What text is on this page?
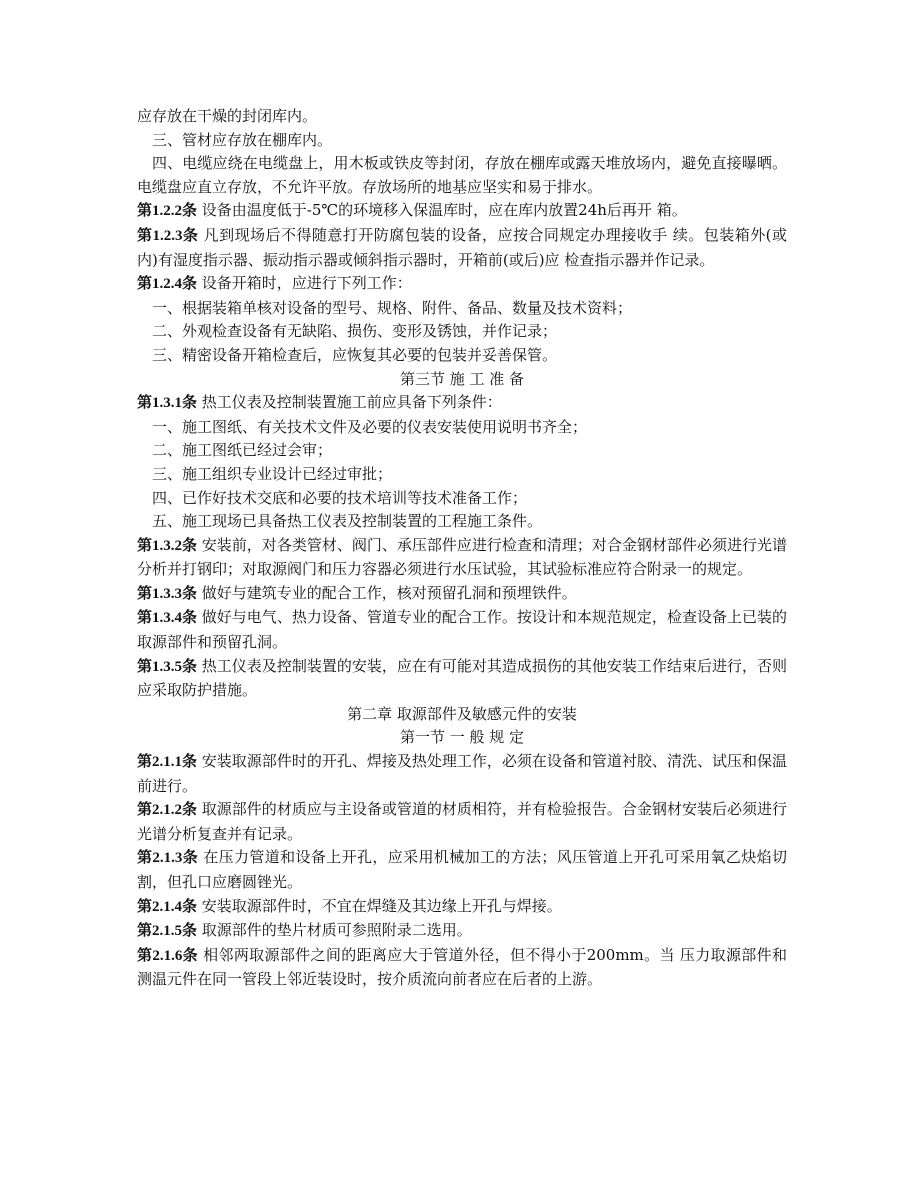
应存放在干燥的封闭库内。

三、管材应存放在棚库内。

四、电缆应绕在电缆盘上，用木板或铁皮等封闭，存放在棚库或露天堆放场内，避免直接曝晒。电缆盘应直立存放，不允许平放。存放场所的地基应坚实和易于排水。

第1.2.2条 设备由温度低于-5℃的环境移入保温库时，应在库内放置24h后再开 箱。

第1.2.3条 凡到现场后不得随意打开防腐包装的设备，应按合同规定办理接收手 续。包装箱外(或内)有湿度指示器、振动指示器或倾斜指示器时，开箱前(或后)应 检查指示器并作记录。

第1.2.4条 设备开箱时，应进行下列工作：

一、根据装箱单核对设备的型号、规格、附件、备品、数量及技术资料；

二、外观检查设备有无缺陷、损伤、变形及锈蚀，并作记录；

三、精密设备开箱检查后，应恢复其必要的包装并妥善保管。

第三节 施 工 准 备

第1.3.1条 热工仪表及控制装置施工前应具备下列条件：

一、施工图纸、有关技术文件及必要的仪表安装使用说明书齐全；

二、施工图纸已经过会审；

三、施工组织专业设计已经过审批；

四、已作好技术交底和必要的技术培训等技术准备工作；

五、施工现场已具备热工仪表及控制装置的工程施工条件。

第1.3.2条 安装前，对各类管材、阀门、承压部件应进行检查和清理；对合金钢材部件必须进行光谱分析并打钢印；对取源阀门和压力容器必须进行水压试验，其试验标准应符合附录一的规定。

第1.3.3条 做好与建筑专业的配合工作，核对预留孔洞和预埋铁件。

第1.3.4条 做好与电气、热力设备、管道专业的配合工作。按设计和本规范规定，检查设备上已装的取源部件和预留孔洞。

第1.3.5条 热工仪表及控制装置的安装，应在有可能对其造成损伤的其他安装工作结束后进行，否则应采取防护措施。

第二章 取源部件及敏感元件的安装

第一节 一 般 规 定

第2.1.1条 安装取源部件时的开孔、焊接及热处理工作，必须在设备和管道衬胶、清洗、试压和保温前进行。

第2.1.2条 取源部件的材质应与主设备或管道的材质相符，并有检验报告。合金钢材安装后必须进行光谱分析复查并有记录。

第2.1.3条 在压力管道和设备上开孔，应采用机械加工的方法；风压管道上开孔可采用氧乙炔焰切割，但孔口应磨圆锉光。

第2.1.4条 安装取源部件时，不宜在焊缝及其边缘上开孔与焊接。

第2.1.5条 取源部件的垫片材质可参照附录二选用。

第2.1.6条 相邻两取源部件之间的距离应大于管道外径，但不得小于200mm。当 压力取源部件和测温元件在同一管段上邻近装设时，按介质流向前者应在后者的上游。
